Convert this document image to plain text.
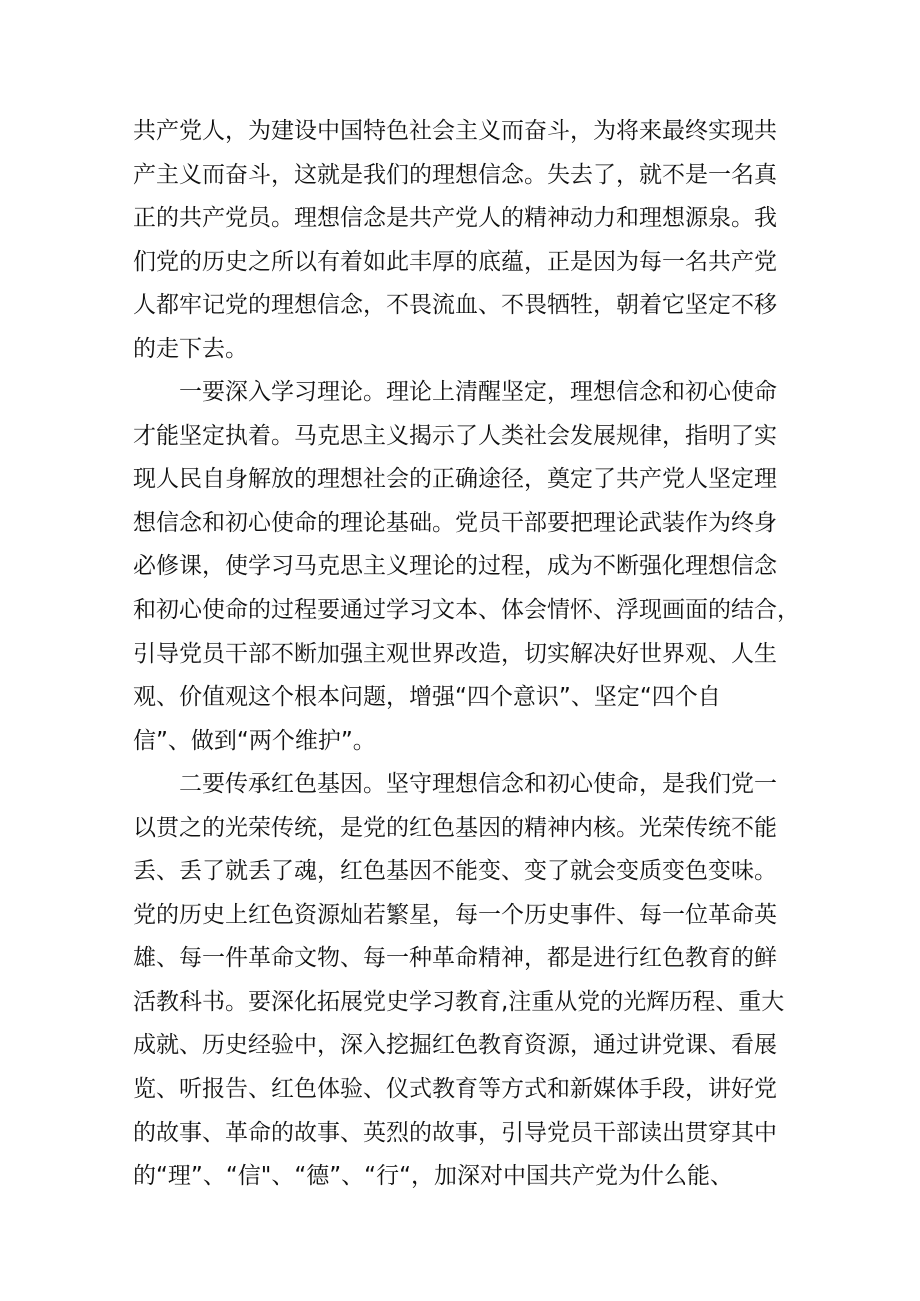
共产党人，为建设中国特色社会主义而奋斗，为将来最终实现共
产主义而奋斗，这就是我们的理想信念。失去了，就不是一名真
正的共产党员。理想信念是共产党人的精神动力和理想源泉。我
们党的历史之所以有着如此丰厚的底蕴，正是因为每一名共产党
人都牢记党的理想信念，不畏流血、不畏牺牲，朝着它坚定不移
的走下去。
　　一要深入学习理论。理论上清醒坚定，理想信念和初心使命
才能坚定执着。马克思主义揭示了人类社会发展规律，指明了实
现人民自身解放的理想社会的正确途径，奠定了共产党人坚定理
想信念和初心使命的理论基础。党员干部要把理论武装作为终身
必修课，使学习马克思主义理论的过程，成为不断强化理想信念
和初心使命的过程要通过学习文本、体会情怀、浮现画面的结合，
引导党员干部不断加强主观世界改造，切实解决好世界观、人生
观、价值观这个根本问题，增强“四个意识”、坚定“四个自
信”、做到“两个维护”。
　　二要传承红色基因。坚守理想信念和初心使命，是我们党一
以贯之的光荣传统，是党的红色基因的精神内核。光荣传统不能
丢、丢了就丢了魂，红色基因不能变、变了就会变质变色变味。
党的历史上红色资源灿若繁星，每一个历史事件、每一位革命英
雄、每一件革命文物、每一种革命精神，都是进行红色教育的鲜
活教科书。要深化拓展党史学习教育,注重从党的光辉历程、重大
成就、历史经验中，深入挖掘红色教育资源，通过讲党课、看展
览、听报告、红色体验、仪式教育等方式和新媒体手段，讲好党
的故事、革命的故事、英烈的故事，引导党员干部读出贯穿其中
的“理”、“信"、“德”、“行“，加深对中国共产党为什么能、
